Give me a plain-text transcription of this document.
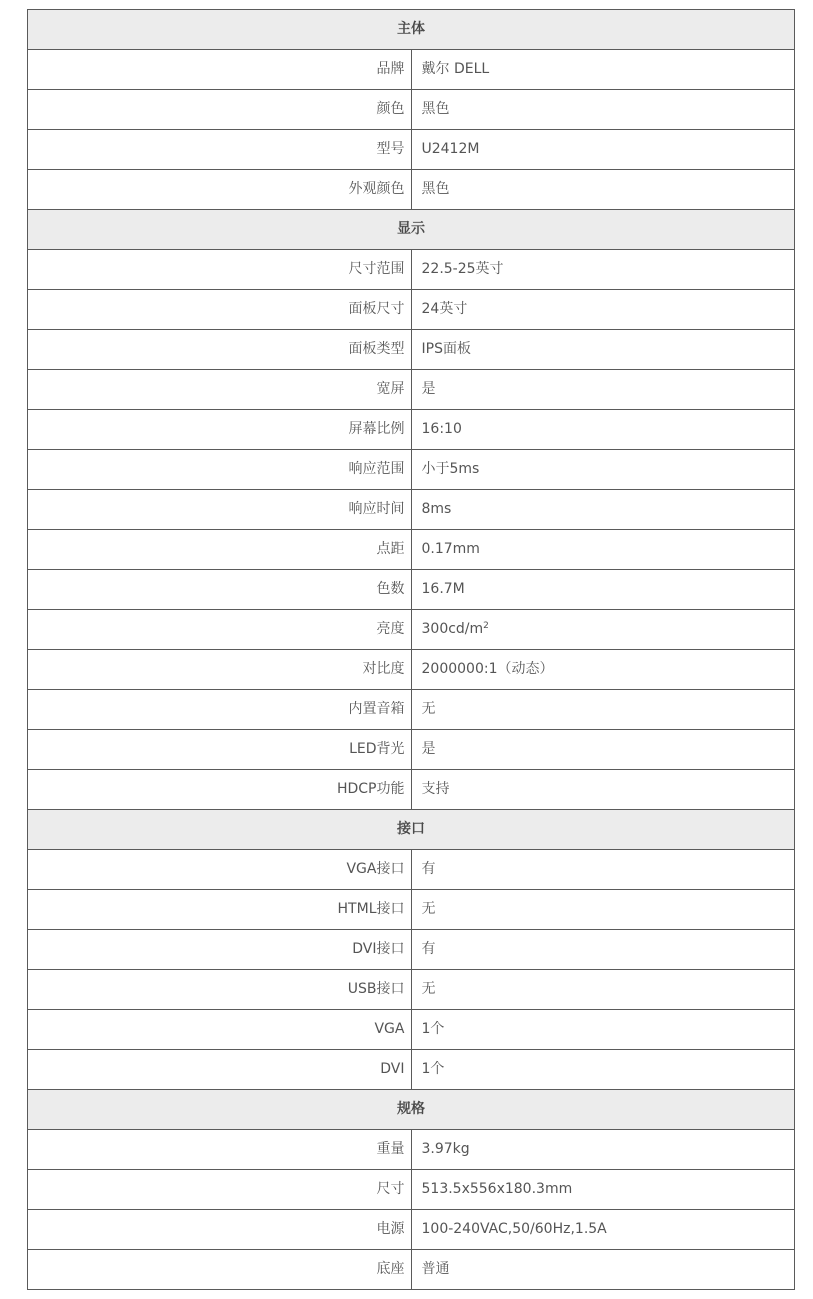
主体	
品牌	戴尔 DELL
颜色	黑色
型号	U2412M
外观颜色	黑色
显示	
尺寸范围	22.5-25英寸
面板尺寸	24英寸
面板类型	IPS面板
宽屏	是
屏幕比例	16:10
响应范围	小于5ms
响应时间	8ms
点距	0.17mm
色数	16.7M
亮度	$300cd/m^2$
对比度	2000000:1（动态）
内置音箱	无
LED背光	是
HDCP功能	支持
接口	
VGA接口	有
HTML接口	无
DVI接口	有
USB接口	无
VGA	1个
DVI	1个
规格	
重量	3.97kg
尺寸	513.5x556x180.3mm
电源	100-240VAC,50/60Hz,1.5A
底座	普通
